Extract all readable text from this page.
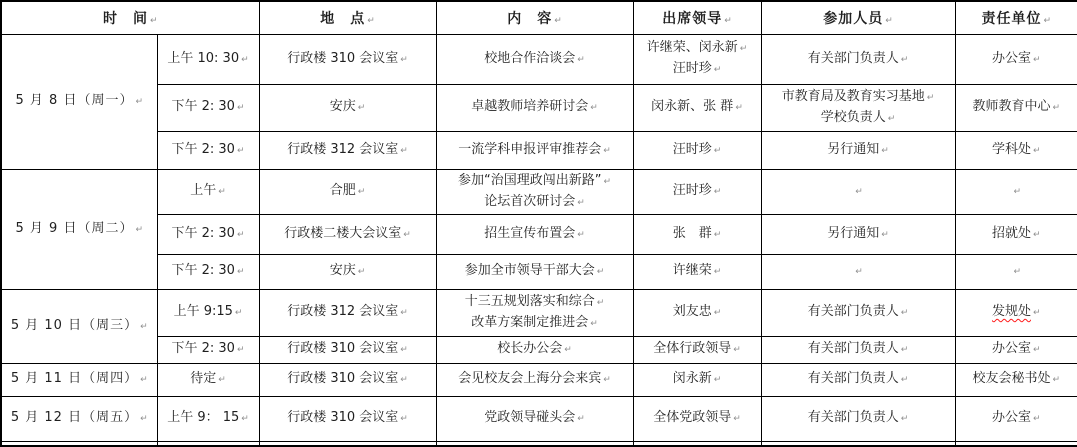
时　间 ↵		地　点 ↵	内　容 ↵	出席领导 ↵	参加人员 ↵	责任单位 ↵

5 月 8 日（周一） ↵	上午 10: 30 ↵	行政楼 310 会议室 ↵	校地合作洽谈会 ↵	许继荣、闵永新 ↵
汪时珍 ↵	有关部门负责人 ↵	办公室 ↵

	下午 2: 30 ↵	安庆 ↵	卓越教师培养研讨会 ↵	闵永新、张 群 ↵	市教育局及教育实习基地 ↵
学校负责人 ↵	教师教育中心 ↵

	下午 2: 30 ↵	行政楼 312 会议室 ↵	一流学科申报评审推荐会 ↵	汪时珍 ↵	另行通知 ↵	学科处 ↵

5 月 9 日（周二） ↵	上午 ↵	合肥 ↵	参加“治国理政闯出新路” ↵
论坛首次研讨会 ↵	汪时珍 ↵	↵	↵

	下午 2: 30 ↵	行政楼二楼大会议室 ↵	招生宣传布置会 ↵	张　群 ↵	另行通知 ↵	招就处 ↵

	下午 2: 30 ↵	安庆 ↵	参加全市领导干部大会 ↵	许继荣 ↵	↵	↵

5 月 10 日（周三） ↵	上午 9:15 ↵	行政楼 312 会议室 ↵	十三五规划落实和综合 ↵
改革方案制定推进会 ↵	刘友忠 ↵	有关部门负责人 ↵	发规处 ↵

	下午 2: 30 ↵	行政楼 310 会议室 ↵	校长办公会 ↵	全体行政领导 ↵	有关部门负责人 ↵	办公室 ↵

5 月 11 日（周四） ↵	待定 ↵	行政楼 310 会议室 ↵	会见校友会上海分会来宾 ↵	闵永新 ↵	有关部门负责人 ↵	校友会秘书处 ↵

5 月 12 日（周五） ↵	上午 9： 15 ↵	行政楼 310 会议室 ↵	党政领导碰头会 ↵	全体党政领导 ↵	有关部门负责人 ↵	办公室 ↵
